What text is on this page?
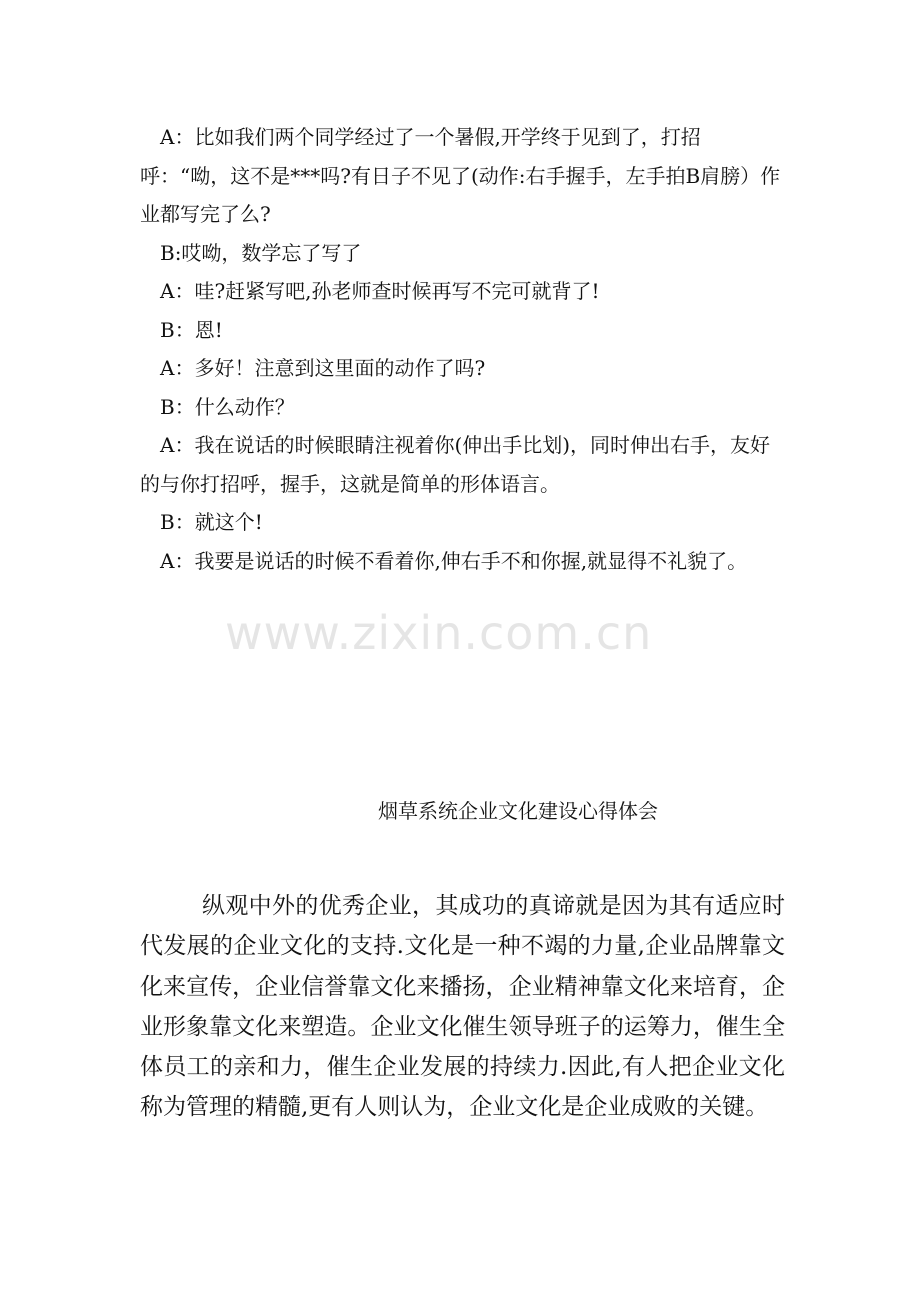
A：比如我们两个同学经过了一个暑假,开学终于见到了，打招呼：“呦，这不是***吗?有日子不见了(动作:右手握手，左手拍B肩膀）作业都写完了么?

B:哎呦，数学忘了写了

A：哇?赶紧写吧,孙老师查时候再写不完可就背了!

B：恩!

A：多好！注意到这里面的动作了吗?

B：什么动作？

A：我在说话的时候眼睛注视着你(伸出手比划)，同时伸出右手，友好的与你打招呼，握手，这就是简单的形体语言。

B：就这个!

A：我要是说话的时候不看着你,伸右手不和你握,就显得不礼貌了。

烟草系统企业文化建设心得体会

纵观中外的优秀企业，其成功的真谛就是因为其有适应时代发展的企业文化的支持.文化是一种不竭的力量,企业品牌靠文化来宣传，企业信誉靠文化来播扬，企业精神靠文化来培育，企业形象靠文化来塑造。企业文化催生领导班子的运筹力，催生全体员工的亲和力，催生企业发展的持续力.因此,有人把企业文化称为管理的精髓,更有人则认为，企业文化是企业成败的关键。

www.zixin.com.cn
